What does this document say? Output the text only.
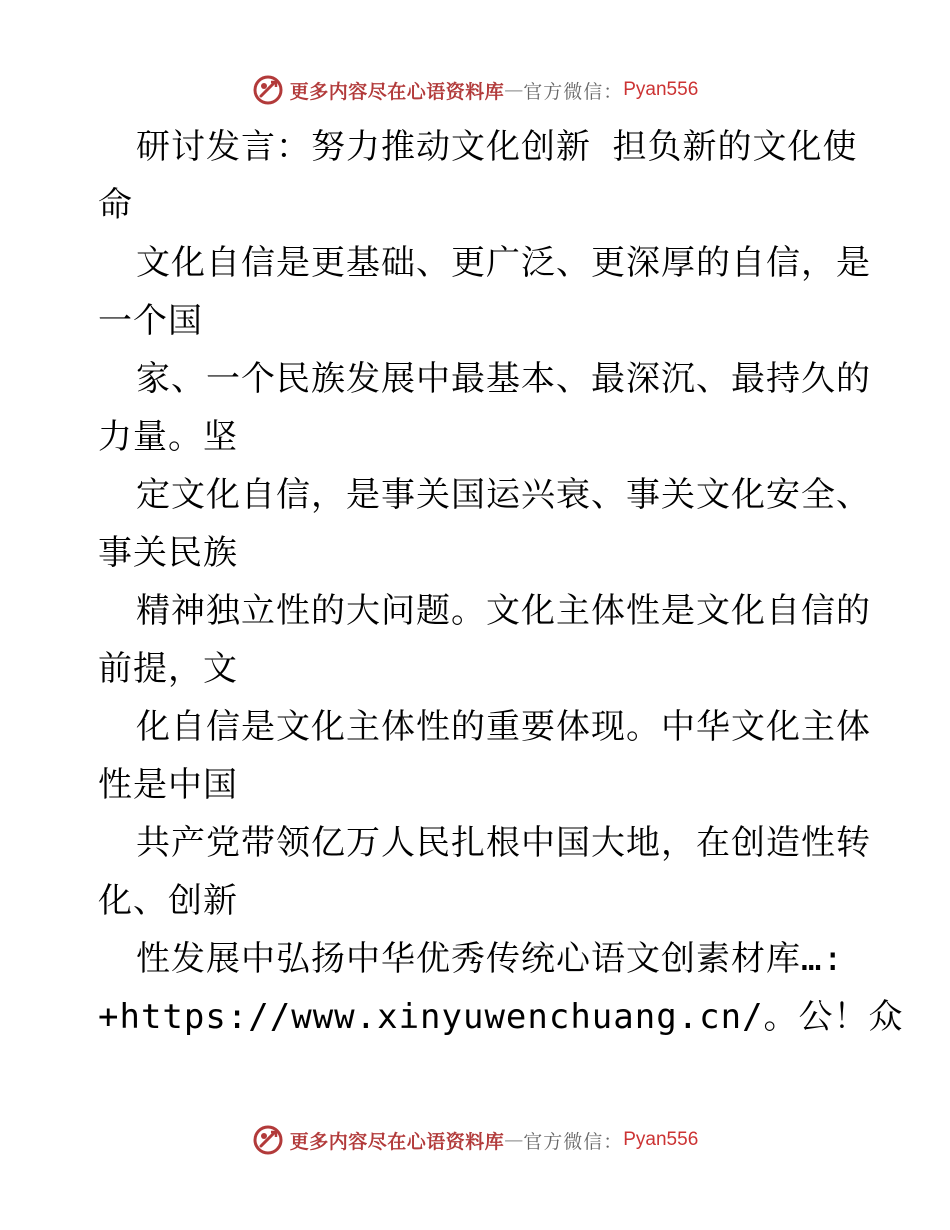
更多内容尽在心语资料库 — 官方微信： Pyan556
研讨发言：努力推动文化创新 担负新的文化使
命
文化自信是更基础、更广泛、更深厚的自信，是
一个国
家、一个民族发展中最基本、最深沉、最持久的
力量。坚
定文化自信，是事关国运兴衰、事关文化安全、
事关民族
精神独立性的大问题。文化主体性是文化自信的
前提，文
化自信是文化主体性的重要体现。中华文化主体
性是中国
共产党带领亿万人民扎根中国大地，在创造性转
化、创新
性发展中弘扬中华优秀传统心语文创素材库…:
+https://www.xinyuwenchuang.cn/。公！众
更多内容尽在心语资料库 — 官方微信： Pyan556
